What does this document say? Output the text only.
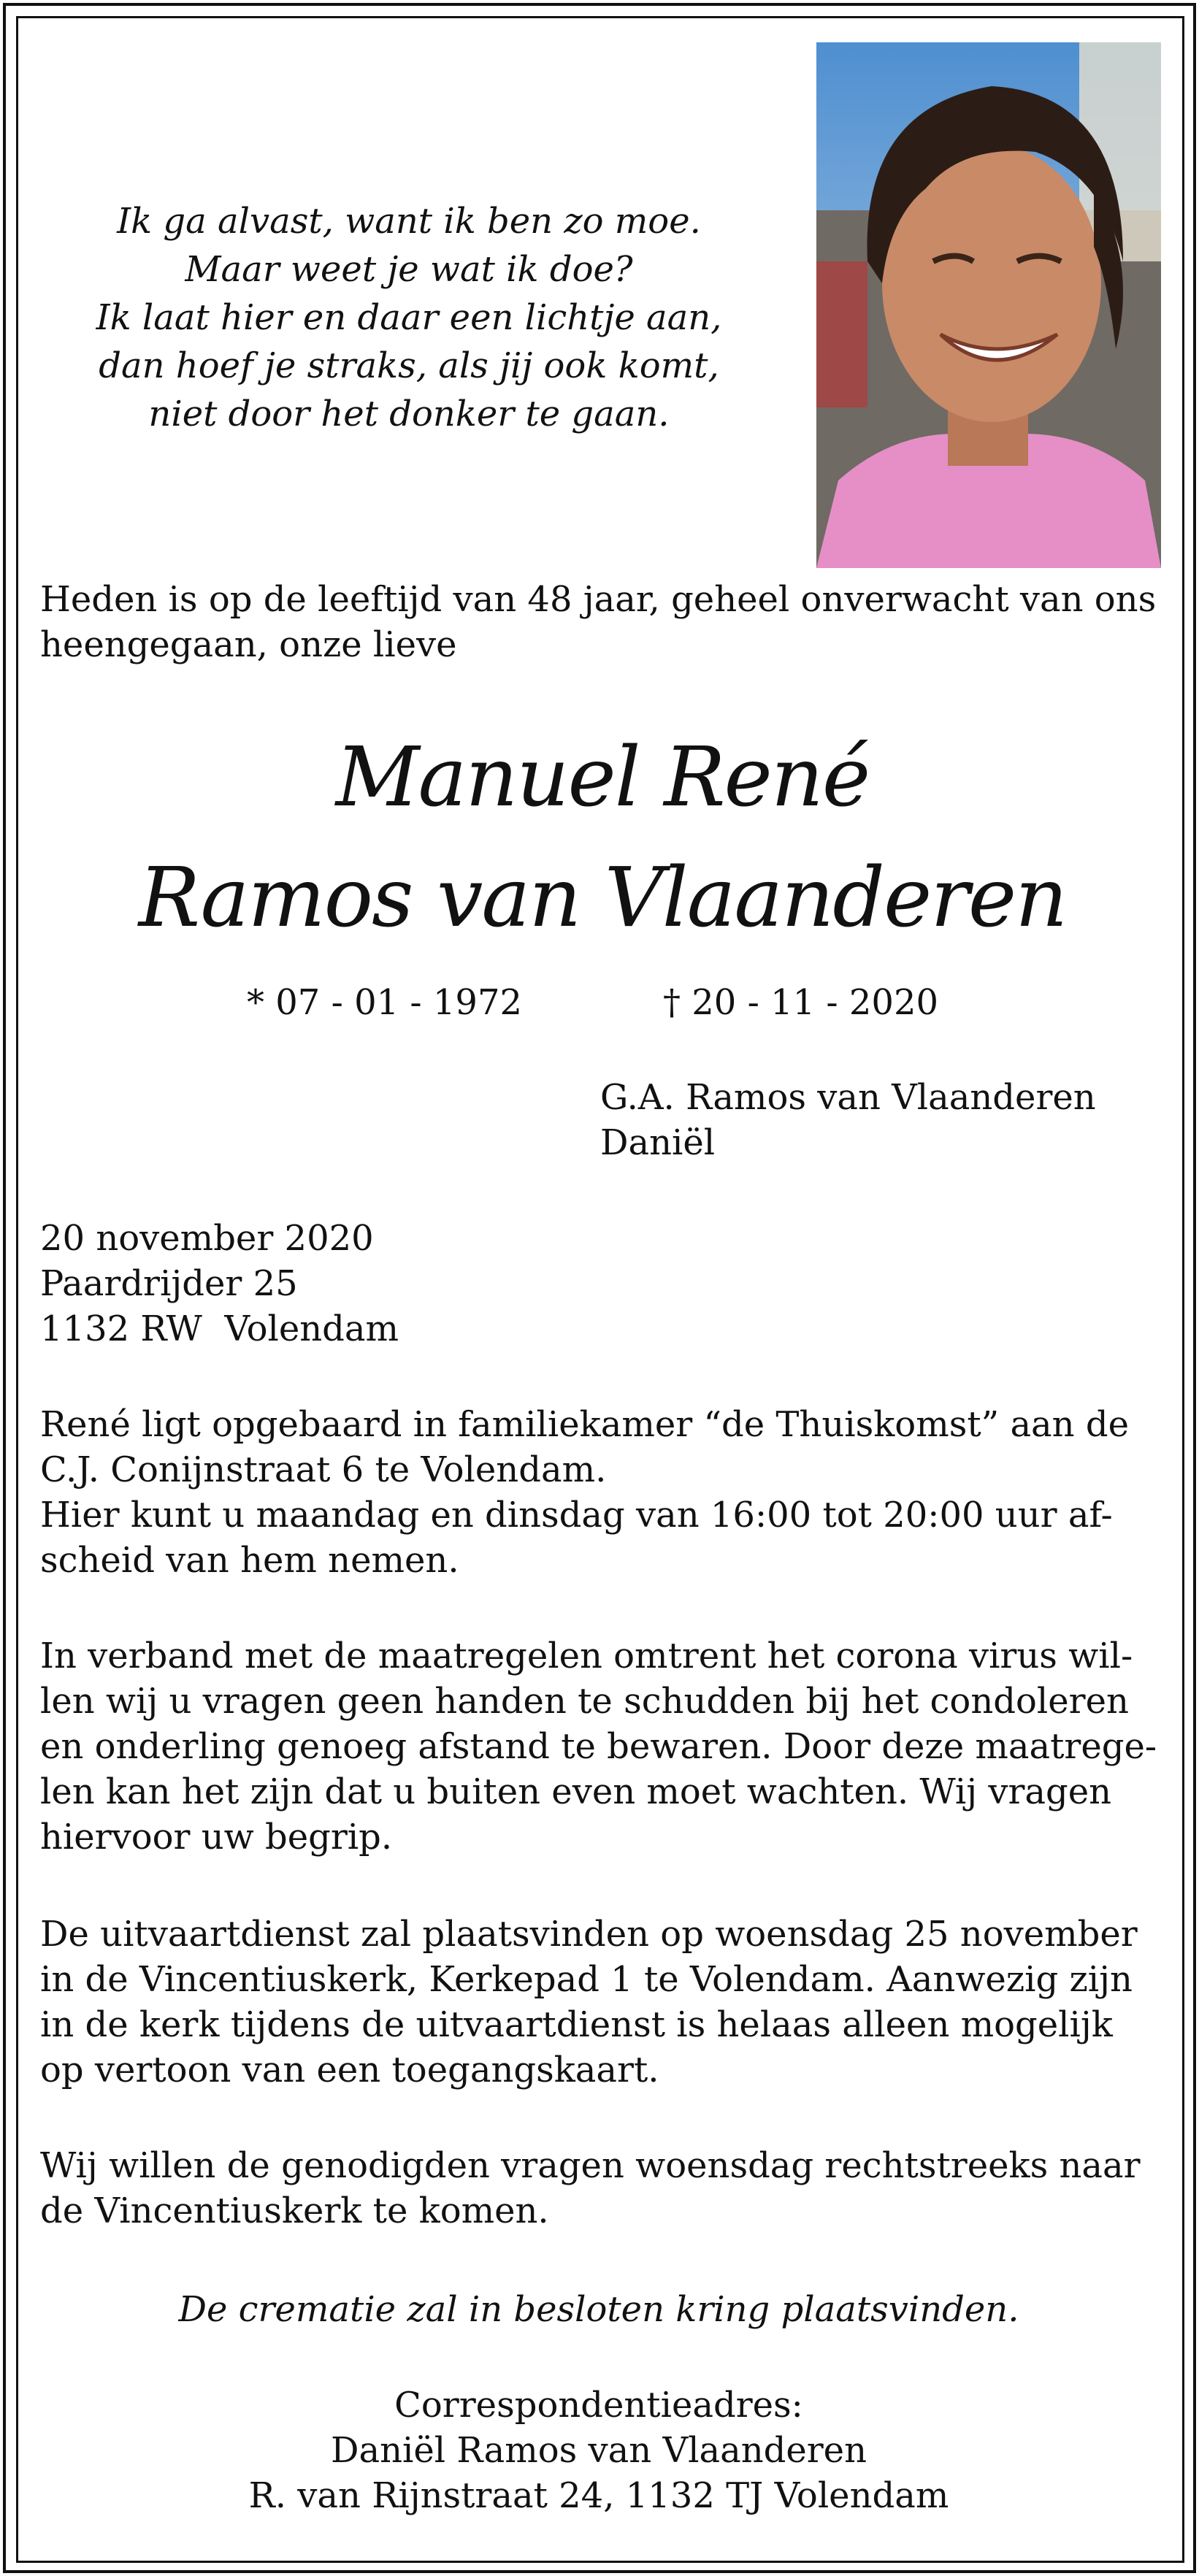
Ik ga alvast, want ik ben zo moe.
Maar weet je wat ik doe?
Ik laat hier en daar een lichtje aan,
dan hoef je straks, als jij ook komt,
niet door het donker te gaan.
Heden is op de leeftijd van 48 jaar, geheel onverwacht van ons
heengegaan, onze lieve
Manuel René
Ramos van Vlaanderen
* 07 - 01 - 1972	† 20 - 11 - 2020
G.A. Ramos van Vlaanderen
Daniël
20 november 2020
Paardrijder 25
1132 RW  Volendam
René ligt opgebaard in familiekamer “de Thuiskomst” aan de
C.J. Conijnstraat 6 te Volendam.
Hier kunt u maandag en dinsdag van 16:00 tot 20:00 uur af-
scheid van hem nemen.
In verband met de maatregelen omtrent het corona virus wil-
len wij u vragen geen handen te schudden bij het condoleren
en onderling genoeg afstand te bewaren. Door deze maatrege-
len kan het zijn dat u buiten even moet wachten. Wij vragen
hiervoor uw begrip.
De uitvaartdienst zal plaatsvinden op woensdag 25 november
in de Vincentiuskerk, Kerkepad 1 te Volendam. Aanwezig zijn
in de kerk tijdens de uitvaartdienst is helaas alleen mogelijk
op vertoon van een toegangskaart.
Wij willen de genodigden vragen woensdag rechtstreeks naar
de Vincentiuskerk te komen.
De crematie zal in besloten kring plaatsvinden.
Correspondentieadres:
Daniël Ramos van Vlaanderen
R. van Rijnstraat 24, 1132 TJ Volendam
